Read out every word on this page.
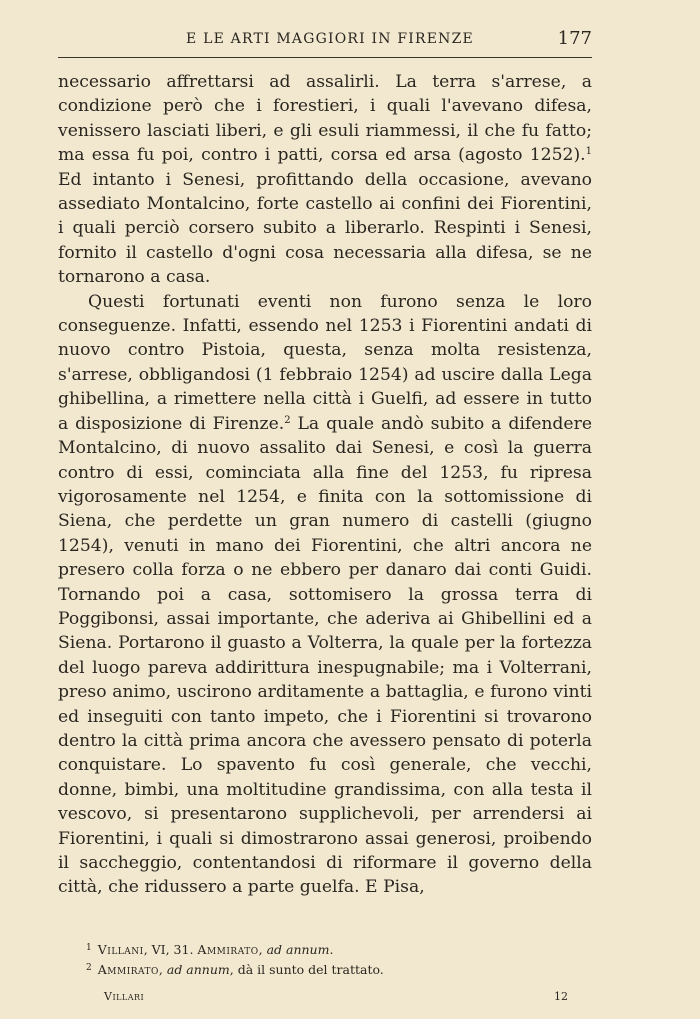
E LE ARTI MAGGIORI IN FIRENZE	177

necessario affrettarsi ad assalirli. La terra s'arrese, a condizione però che i forestieri, i quali l'avevano difesa, venissero lasciati liberi, e gli esuli riammessi, il che fu fatto; ma essa fu poi, contro i patti, corsa ed arsa (agosto 1252).$^1$ Ed intanto i Senesi, profittando della occasione, avevano assediato Montalcino, forte castello ai confini dei Fiorentini, i quali perciò corsero subito a liberarlo. Respinti i Senesi, fornito il castello d'ogni cosa necessaria alla difesa, se ne tornarono a casa.

Questi fortunati eventi non furono senza le loro conseguenze. Infatti, essendo nel 1253 i Fiorentini andati di nuovo contro Pistoia, questa, senza molta resistenza, s'arrese, obbligandosi (1 febbraio 1254) ad uscire dalla Lega ghibellina, a rimettere nella città i Guelfi, ad essere in tutto a disposizione di Firenze.$^2$ La quale andò subito a difendere Montalcino, di nuovo assalito dai Senesi, e così la guerra contro di essi, cominciata alla fine del 1253, fu ripresa vigorosamente nel 1254, e finita con la sottomissione di Siena, che perdette un gran numero di castelli (giugno 1254), venuti in mano dei Fiorentini, che altri ancora ne presero colla forza o ne ebbero per danaro dai conti Guidi. Tornando poi a casa, sottomisero la grossa terra di Poggibonsi, assai importante, che aderiva ai Ghibellini ed a Siena. Portarono il guasto a Volterra, la quale per la fortezza del luogo pareva addirittura inespugnabile; ma i Volterrani, preso animo, uscirono arditamente a battaglia, e furono vinti ed inseguiti con tanto impeto, che i Fiorentini si trovarono dentro la città prima ancora che avessero pensato di poterla conquistare. Lo spavento fu così generale, che vecchi, donne, bimbi, una moltitudine grandissima, con alla testa il vescovo, si presentarono supplichevoli, per arrendersi ai Fiorentini, i quali si dimostrarono assai generosi, proibendo il saccheggio, contentandosi di riformare il governo della città, che ridussero a parte guelfa. E Pisa,

$^1$ Villani, VI, 31. Ammirato, ad annum.

$^2$ Ammirato, ad annum, dà il sunto del trattato.

Villari	12
